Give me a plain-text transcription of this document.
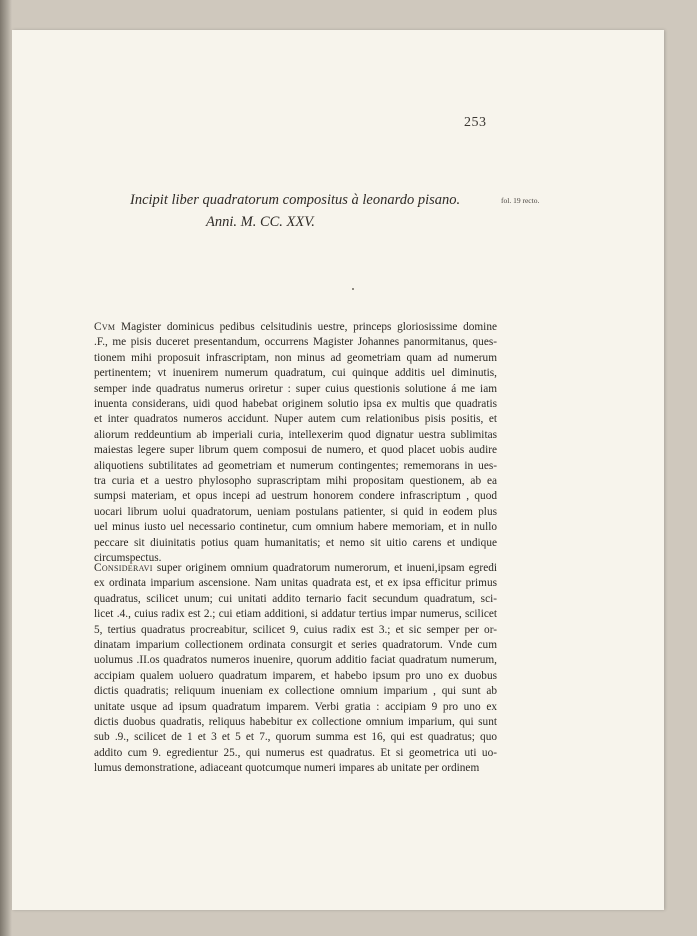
253
Incipit liber quadratorum compositus à leonardo pisano.
Anni. M. CC. XXV.
fol. 19 recto.
Cvm Magister dominicus pedibus celsitudinis uestre, princeps gloriosissime domine
.F., me pisis duceret presentandum, occurrens Magister Johannes panormitanus, ques-
tionem mihi proposuit infrascriptam, non minus ad geometriam quam ad numerum
pertinentem; vt inuenirem numerum quadratum, cui quinque additis uel diminutis,
semper inde quadratus numerus oriretur : super cuius questionis solutione á me iam
inuenta considerans, uidi quod habebat originem solutio ipsa ex multis que quadratis
et inter quadratos numeros accidunt. Nuper autem cum relationibus pisis positis, et
aliorum reddeuntium ab imperiali curia, intellexerim quod dignatur uestra sublimitas
maiestas legere super librum quem composui de numero, et quod placet uobis audire
aliquotiens subtilitates ad geometriam et numerum contingentes; rememorans in ues-
tra curia et a uestro phylosopho suprascriptam mihi propositam questionem, ab ea
sumpsi materiam, et opus incepi ad uestrum honorem condere infrascriptum , quod
uocari librum uolui quadratorum, ueniam postulans patienter, si quid in eodem plus
uel minus iusto uel necessario continetur, cum omnium habere memoriam, et in nullo
peccare sit diuinitatis potius quam humanitatis; et nemo sit uitio carens et undique
circumspectus.
Consideravi super originem omnium quadratorum numerorum, et inueni,ipsam egredi
ex ordinata imparium ascensione. Nam unitas quadrata est, et ex ipsa efficitur primus
quadratus, scilicet unum; cui unitati addito ternario facit secundum quadratum, sci-
licet .4., cuius radix est 2.; cui etiam additioni, si addatur tertius impar numerus, scilicet
5, tertius quadratus procreabitur, scilicet 9, cuius radix est 3.; et sic semper per or-
dinatam imparium collectionem ordinata consurgit et series quadratorum. Vnde cum
uolumus .II.os quadratos numeros inuenire, quorum additio faciat quadratum numerum,
accipiam qualem uoluero quadratum imparem, et habebo ipsum pro uno ex duobus
dictis quadratis; reliquum inueniam ex collectione omnium imparium , qui sunt ab
unitate usque ad ipsum quadratum imparem. Verbi gratia : accipiam 9 pro uno ex
dictis duobus quadratis, reliquus habebitur ex collectione omnium imparium, qui sunt
sub .9., scilicet de 1 et 3 et 5 et 7., quorum summa est 16, qui est quadratus; quo
addito cum 9. egredientur 25., qui numerus est quadratus. Et si geometrica uti uo-
lumus demonstratione, adiaceant quotcumque numeri impares ab unitate per ordinem
